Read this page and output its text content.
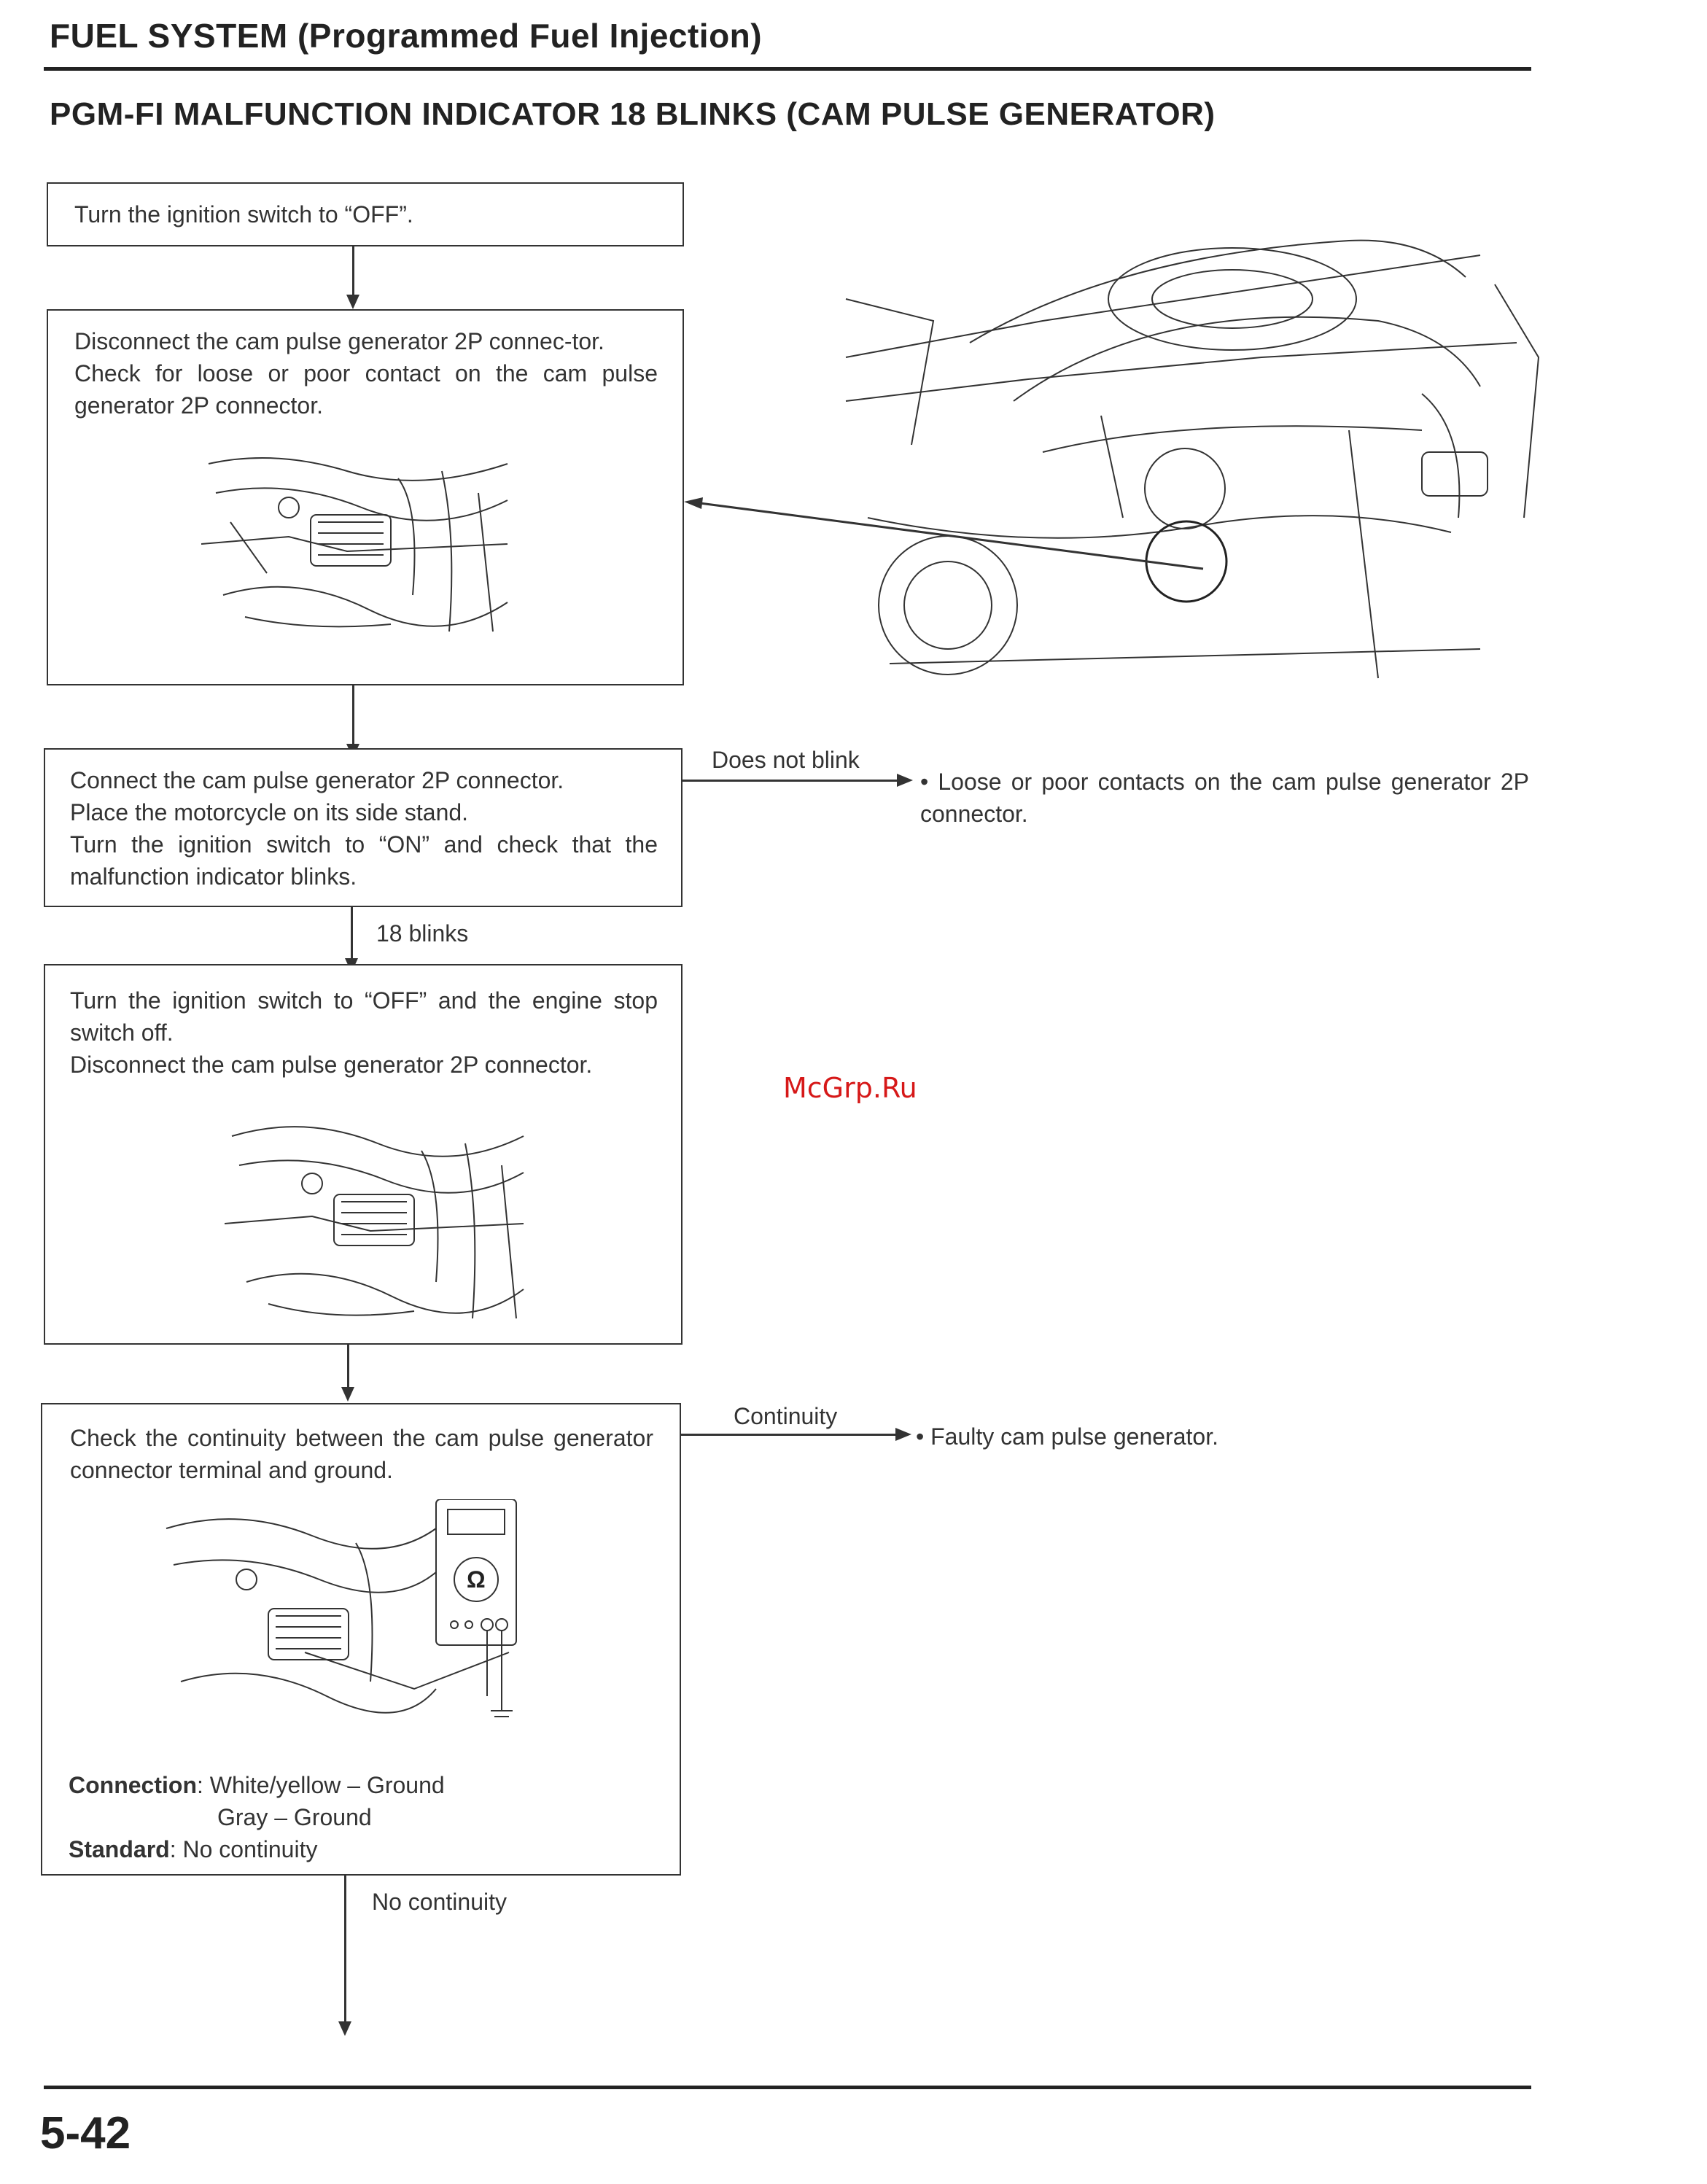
FUEL SYSTEM (Programmed Fuel Injection)
PGM-FI MALFUNCTION INDICATOR 18 BLINKS (CAM PULSE GENERATOR)
Turn the ignition switch to “OFF”.

Disconnect the cam pulse generator 2P connec-tor.

Check for loose or poor contact on the cam pulse generator 2P connector.

Connect the cam pulse generator 2P connector.

Place the motorcycle on its side stand.

Turn the ignition switch to “ON” and check that the malfunction indicator blinks.

Does not blink
• Loose or poor contacts on the cam pulse generator 2P connector.
18 blinks

Turn the ignition switch to “OFF” and the engine stop switch off.

Disconnect the cam pulse generator 2P connector.

Check the continuity between the cam pulse generator connector terminal and ground.
Ω
Connection: White/yellow – Ground
Gray – Ground
Standard: No continuity
Continuity
• Faulty cam pulse generator.
No continuity
McGrp.Ru
5-42
